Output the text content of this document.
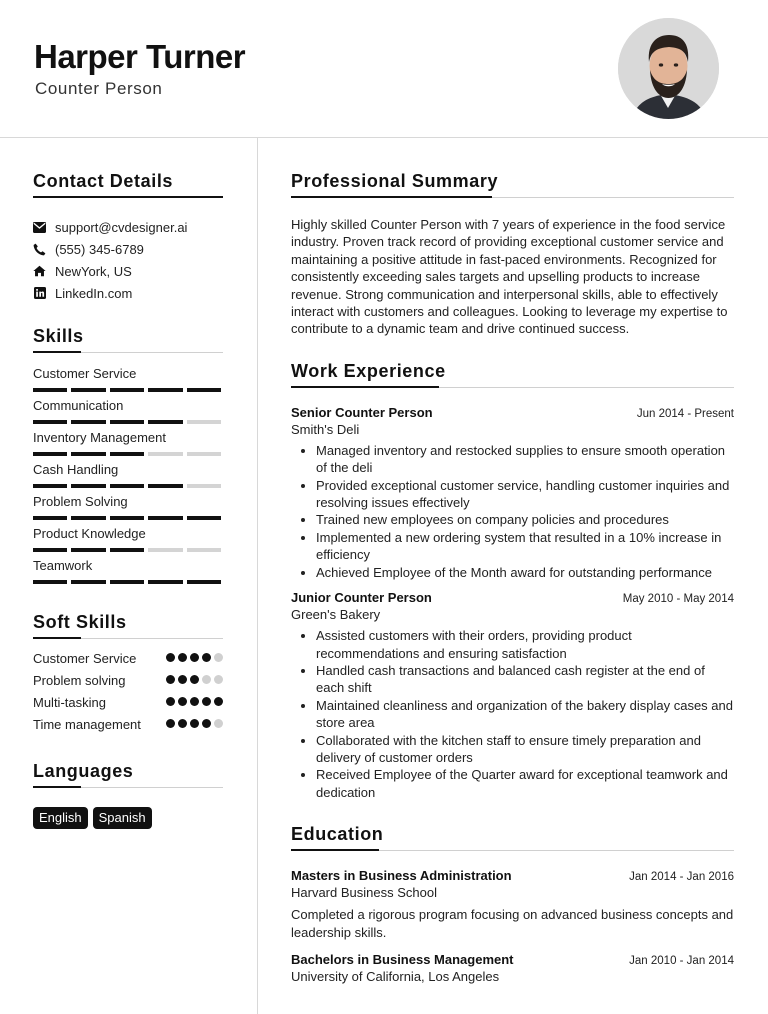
Harper Turner
Counter Person
Contact Details
support@cvdesigner.ai
(555) 345-6789
NewYork, US
LinkedIn.com
Skills
Customer Service
Communication
Inventory Management
Cash Handling
Problem Solving
Product Knowledge
Teamwork
Soft Skills
Customer Service
Problem solving
Multi-tasking
Time management
Languages
English	Spanish
Professional Summary

Highly skilled Counter Person with 7 years of experience in the food service industry. Proven track record of providing exceptional customer service and maintaining a positive attitude in fast-paced environments. Recognized for consistently exceeding sales targets and upselling products to increase revenue. Strong communication and interpersonal skills, able to effectively interact with customers and colleagues. Looking to leverage my expertise to contribute to a dynamic team and drive continued success.

Work Experience
Senior Counter Person	Jun 2014 - Present
Smith's Deli
• Managed inventory and restocked supplies to ensure smooth operation of the deli
• Provided exceptional customer service, handling customer inquiries and resolving issues effectively
• Trained new employees on company policies and procedures
• Implemented a new ordering system that resulted in a 10% increase in efficiency
• Achieved Employee of the Month award for outstanding performance
Junior Counter Person	May 2010 - May 2014
Green's Bakery
• Assisted customers with their orders, providing product recommendations and ensuring satisfaction
• Handled cash transactions and balanced cash register at the end of each shift
• Maintained cleanliness and organization of the bakery display cases and store area
• Collaborated with the kitchen staff to ensure timely preparation and delivery of customer orders
• Received Employee of the Quarter award for exceptional teamwork and dedication
Education
Masters in Business Administration	Jan 2014 - Jan 2016
Harvard Business School

Completed a rigorous program focusing on advanced business concepts and leadership skills.

Bachelors in Business Management	Jan 2010 - Jan 2014
University of California, Los Angeles
